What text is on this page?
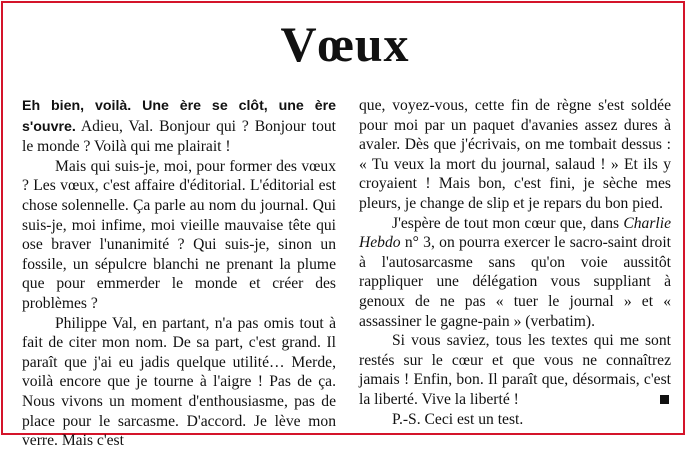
Vœux

Eh bien, voilà. Une ère se clôt, une ère s'ouvre. Adieu, Val. Bonjour qui ? Bonjour tout le monde ? Voilà qui me plairait !

Mais qui suis-je, moi, pour former des vœux ? Les vœux, c'est affaire d'éditorial. L'éditorial est chose solennelle. Ça parle au nom du journal. Qui suis-je, moi infime, moi vieille mauvaise tête qui ose braver l'unanimité ? Qui suis-je, sinon un fossile, un sépulcre blanchi ne prenant la plume que pour emmerder le monde et créer des problèmes ?

Philippe Val, en partant, n'a pas omis tout à fait de citer mon nom. De sa part, c'est grand. Il paraît que j'ai eu jadis quelque utilité… Merde, voilà encore que je tourne à l'aigre ! Pas de ça. Nous vivons un moment d'enthousiasme, pas de place pour le sarcasme. D'accord. Je lève mon verre. Mais c'est

que, voyez-vous, cette fin de règne s'est soldée pour moi par un paquet d'avanies assez dures à avaler. Dès que j'écrivais, on me tombait dessus : « Tu veux la mort du journal, salaud ! » Et ils y croyaient ! Mais bon, c'est fini, je sèche mes pleurs, je change de slip et je repars du bon pied.

J'espère de tout mon cœur que, dans Charlie Hebdo n° 3, on pourra exercer le sacro-saint droit à l'autosarcasme sans qu'on voie aussitôt rappliquer une délégation vous suppliant à genoux de ne pas « tuer le journal » et « assassiner le gagne-pain » (verbatim).

Si vous saviez, tous les textes qui me sont restés sur le cœur et que vous ne connaîtrez jamais ! Enfin, bon. Il paraît que, désormais, c'est la liberté. Vive la liberté !

P.-S. Ceci est un test.
